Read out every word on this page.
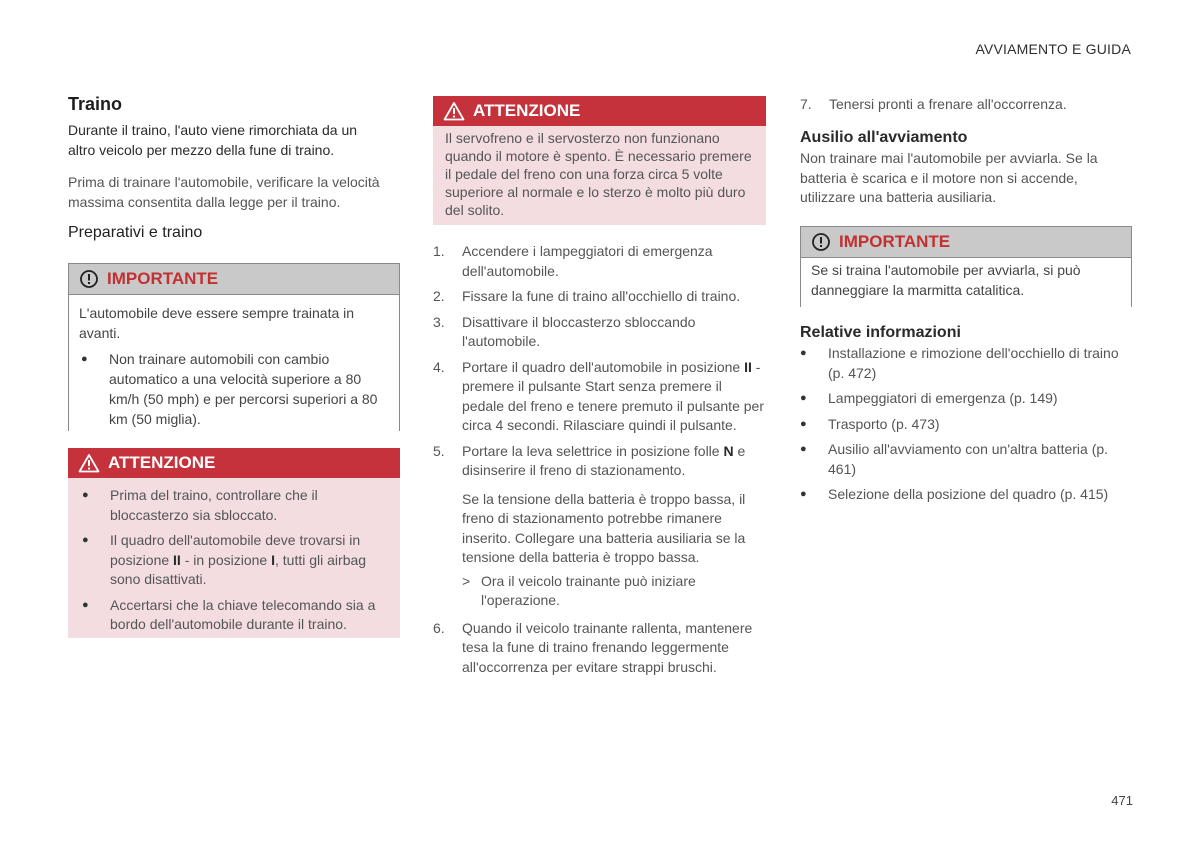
AVVIAMENTO E GUIDA
Traino

Durante il traino, l'auto viene rimorchiata da un altro veicolo per mezzo della fune di traino.

Prima di trainare l'automobile, verificare la velocità massima consentita dalla legge per il traino.

Preparativi e traino
IMPORTANTE
L'automobile deve essere sempre trainata in avanti.
●	Non trainare automobili con cambio automatico a una velocità superiore a 80 km/h (50 mph) e per percorsi superiori a 80 km (50 miglia).
ATTENZIONE
●	Prima del traino, controllare che il bloccasterzo sia sbloccato.
●	Il quadro dell'automobile deve trovarsi in posizione II - in posizione I, tutti gli airbag sono disattivati.
●	Accertarsi che la chiave telecomando sia a bordo dell'automobile durante il traino.
ATTENZIONE
Il servofreno e il servosterzo non funzionano quando il motore è spento. È necessario premere il pedale del freno con una forza circa 5 volte superiore al normale e lo sterzo è molto più duro del solito.
1.	Accendere i lampeggiatori di emergenza dell'automobile.
2.	Fissare la fune di traino all'occhiello di traino.
3.	Disattivare il bloccasterzo sbloccando l'automobile.
4.	Portare il quadro dell'automobile in posizione II - premere il pulsante Start senza premere il pedale del freno e tenere premuto il pulsante per circa 4 secondi. Rilasciare quindi il pulsante.
5.	Portare la leva selettrice in posizione folle N e disinserire il freno di stazionamento.
Se la tensione della batteria è troppo bassa, il freno di stazionamento potrebbe rimanere inserito. Collegare una batteria ausiliaria se la tensione della batteria è troppo bassa.
> Ora il veicolo trainante può iniziare l'operazione.
6.	Quando il veicolo trainante rallenta, mantenere tesa la fune di traino frenando leggermente all'occorrenza per evitare strappi bruschi.
7.	Tenersi pronti a frenare all'occorrenza.
Ausilio all'avviamento

Non trainare mai l'automobile per avviarla. Se la batteria è scarica e il motore non si accende, utilizzare una batteria ausiliaria.

IMPORTANTE
Se si traina l'automobile per avviarla, si può danneggiare la marmitta catalitica.
Relative informazioni
●	Installazione e rimozione dell'occhiello di traino (p. 472)
●	Lampeggiatori di emergenza (p. 149)
●	Trasporto (p. 473)
●	Ausilio all'avviamento con un'altra batteria (p. 461)
●	Selezione della posizione del quadro (p. 415)
471
